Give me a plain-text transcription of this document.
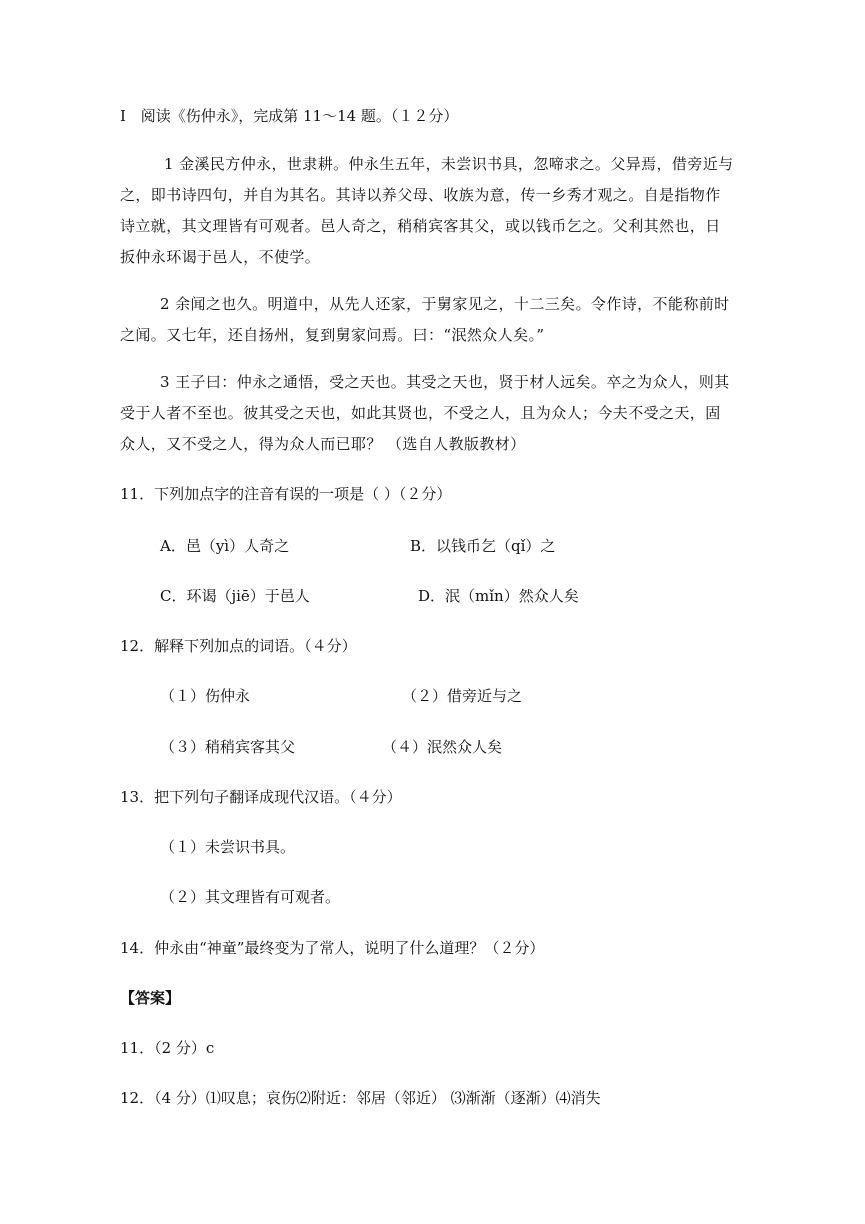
Ⅰ 阅读《伤仲永》，完成第 11～14 题。（１２分）
1 金溪民方仲永，世隶耕。仲永生五年，未尝识书具，忽啼求之。父异焉，借旁近与
之，即书诗四句，并自为其名。其诗以养父母、收族为意，传一乡秀才观之。自是指物作
诗立就，其文理皆有可观者。邑人奇之，稍稍宾客其父，或以钱币乞之。父利其然也，日
扳仲永环谒于邑人，不使学。
2 余闻之也久。明道中，从先人还家，于舅家见之，十二三矣。令作诗，不能称前时
之闻。又七年，还自扬州，复到舅家问焉。曰：“泯然众人矣。”
3 王子曰：仲永之通悟，受之天也。其受之天也，贤于材人远矣。卒之为众人，则其
受于人者不至也。彼其受之天也，如此其贤也，不受之人，且为众人；今夫不受之天，固
众人，又不受之人，得为众人而已耶？ （选自人教版教材）
11．下列加点字的注音有误的一项是（ ）（２分）
A．邑（yì）人奇之	B．以钱币乞（qǐ）之
C．环谒（jiē）于邑人	D．泯（mǐn）然众人矣
12．解释下列加点的词语。（４分）
（１）伤仲永	（２）借旁近与之
（３）稍稍宾客其父	（４）泯然众人矣
13．把下列句子翻译成现代汉语。（４分）
（１）未尝识书具。
（２）其文理皆有可观者。
14．仲永由“神童”最终变为了常人，说明了什么道理？（２分）
【答案】
11．（2 分）c
12．（4 分）⑴叹息；哀伤⑵附近：邻居（邻近） ⑶渐渐（逐渐）⑷消失
